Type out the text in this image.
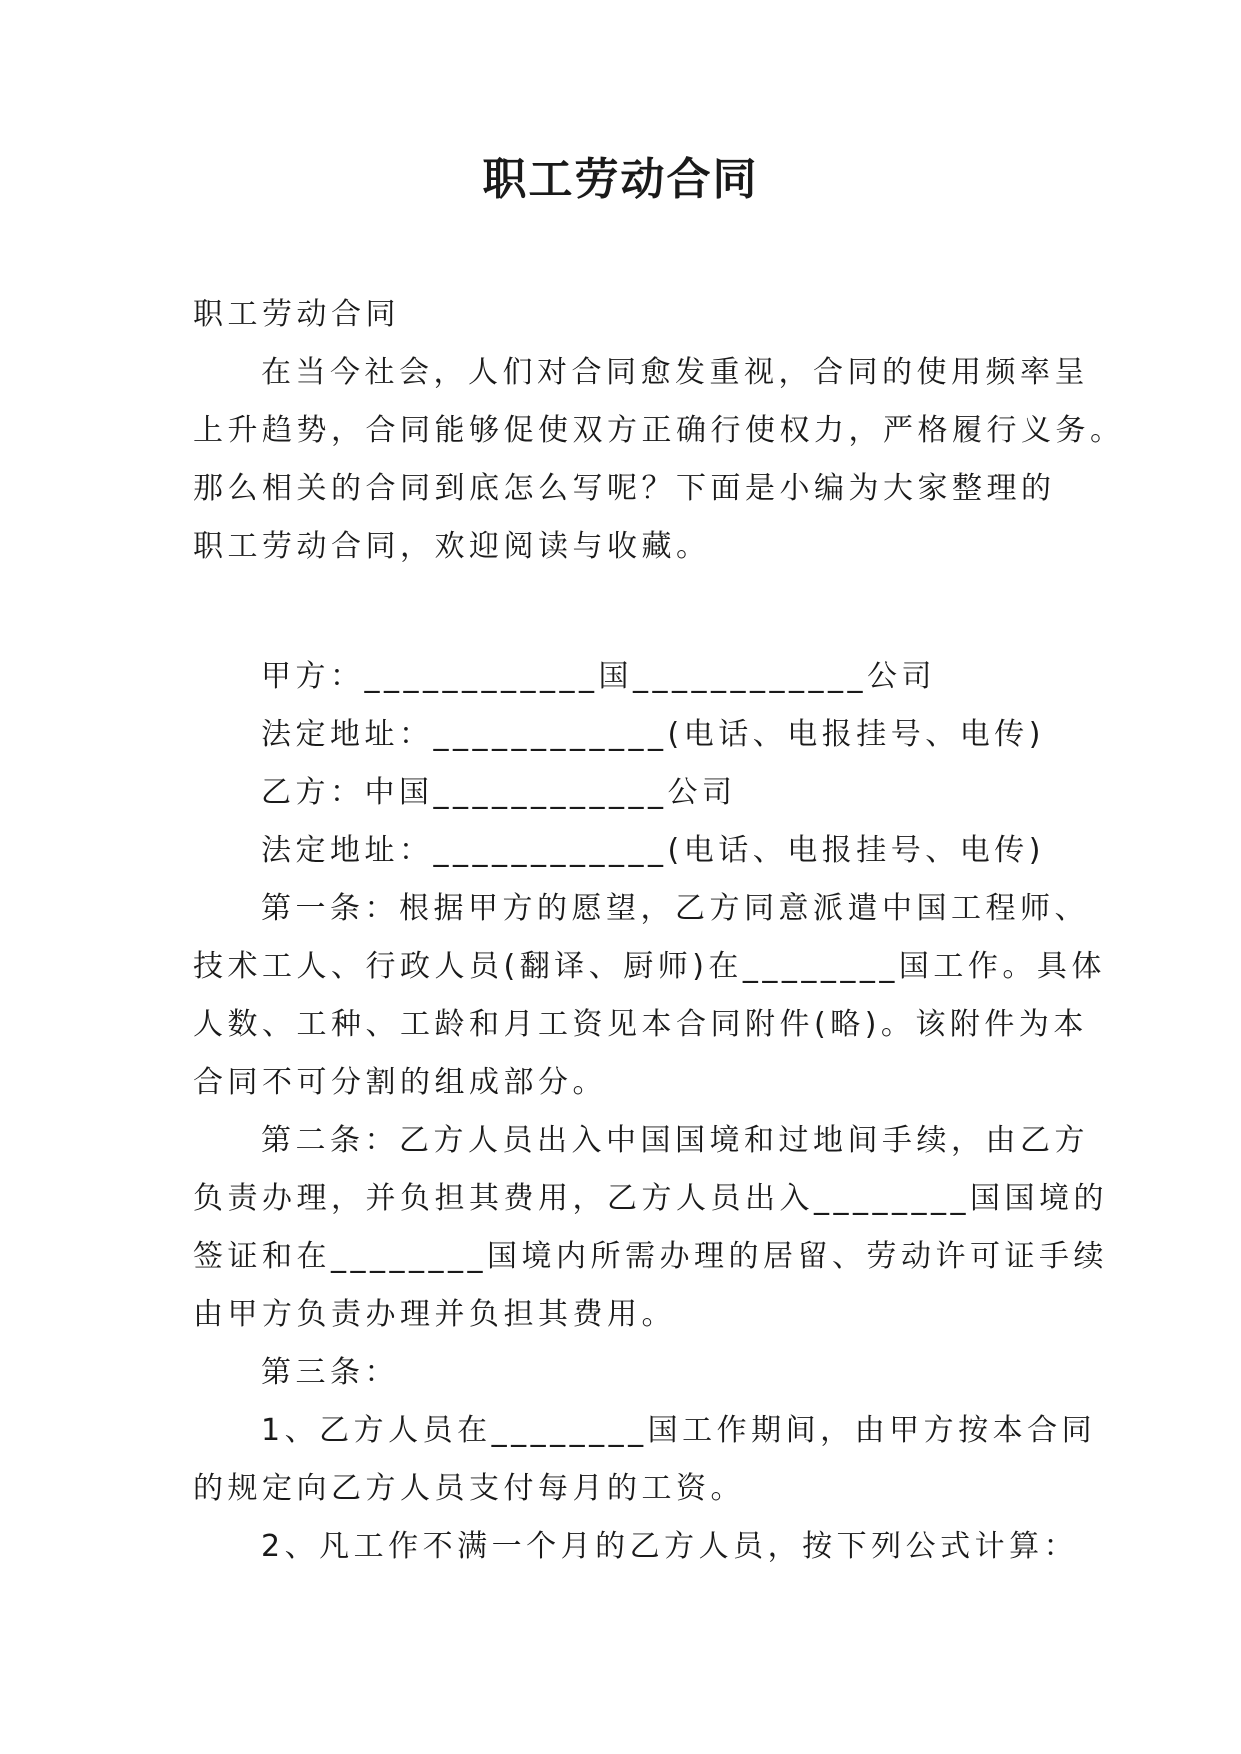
职工劳动合同
职工劳动合同
在当今社会，人们对合同愈发重视，合同的使用频率呈
上升趋势，合同能够促使双方正确行使权力，严格履行义务。
那么相关的合同到底怎么写呢？下面是小编为大家整理的
职工劳动合同，欢迎阅读与收藏。
甲方：____________国____________公司
法定地址：____________(电话、电报挂号、电传)
乙方：中国____________公司
法定地址：____________(电话、电报挂号、电传)
第一条：根据甲方的愿望，乙方同意派遣中国工程师、
技术工人、行政人员(翻译、厨师)在________国工作。具体
人数、工种、工龄和月工资见本合同附件(略)。该附件为本
合同不可分割的组成部分。
第二条：乙方人员出入中国国境和过地间手续，由乙方
负责办理，并负担其费用，乙方人员出入________国国境的
签证和在________国境内所需办理的居留、劳动许可证手续
由甲方负责办理并负担其费用。
第三条：
1、乙方人员在________国工作期间，由甲方按本合同
的规定向乙方人员支付每月的工资。
2、凡工作不满一个月的乙方人员，按下列公式计算：
